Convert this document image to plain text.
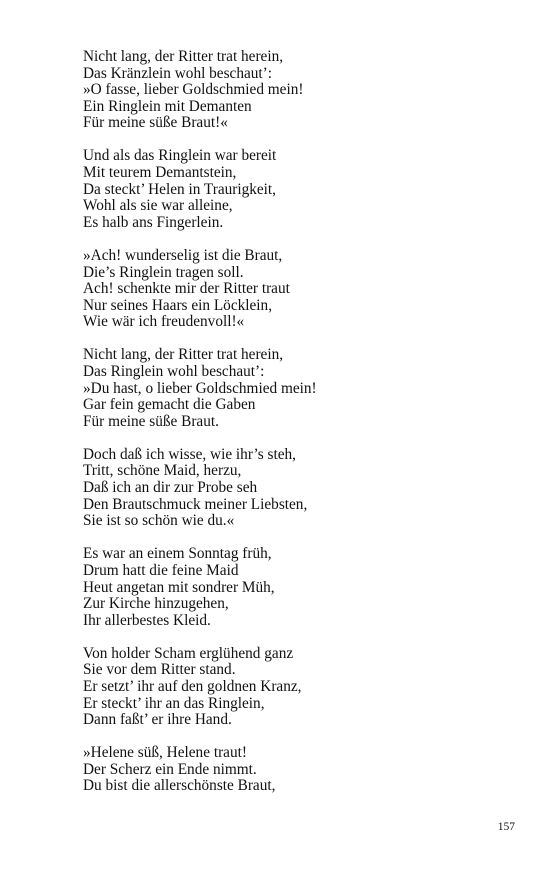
Nicht lang, der Ritter trat herein,
Das Kränzlein wohl beschaut’:
»O fasse, lieber Goldschmied mein!
Ein Ringlein mit Demanten
Für meine süße Braut!«
Und als das Ringlein war bereit
Mit teurem Demantstein,
Da steckt’ Helen in Traurigkeit,
Wohl als sie war alleine,
Es halb ans Fingerlein.
»Ach! wunderselig ist die Braut,
Die’s Ringlein tragen soll.
Ach! schenkte mir der Ritter traut
Nur seines Haars ein Löcklein,
Wie wär ich freudenvoll!«
Nicht lang, der Ritter trat herein,
Das Ringlein wohl beschaut’:
»Du hast, o lieber Goldschmied mein!
Gar fein gemacht die Gaben
Für meine süße Braut.
Doch daß ich wisse, wie ihr’s steh,
Tritt, schöne Maid, herzu,
Daß ich an dir zur Probe seh
Den Brautschmuck meiner Liebsten,
Sie ist so schön wie du.«
Es war an einem Sonntag früh,
Drum hatt die feine Maid
Heut angetan mit sondrer Müh,
Zur Kirche hinzugehen,
Ihr allerbestes Kleid.
Von holder Scham erglühend ganz
Sie vor dem Ritter stand.
Er setzt’ ihr auf den goldnen Kranz,
Er steckt’ ihr an das Ringlein,
Dann faßt’ er ihre Hand.
»Helene süß, Helene traut!
Der Scherz ein Ende nimmt.
Du bist die allerschönste Braut,
157
